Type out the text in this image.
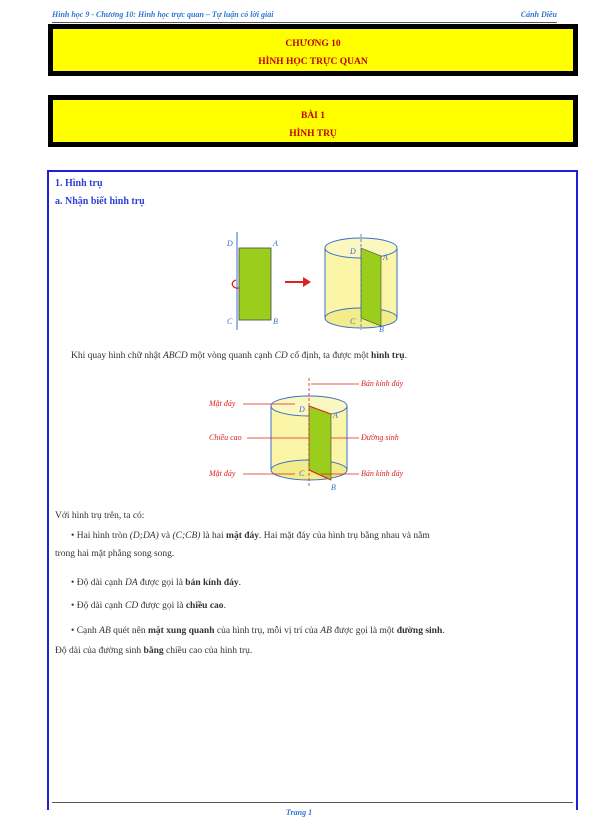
Hình học 9 - Chương 10: Hình học trực quan – Tự luận có lời giải	Cánh Diều
CHƯƠNG 10
HÌNH HỌC TRỰC QUAN
BÀI 1
HÌNH TRỤ
1. Hình trụ
a. Nhận biết hình trụ
D	A
C	B
D
A
C
B
Khi quay hình chữ nhật ABCD một vòng quanh cạnh CD cố định, ta được một hình trụ.
Mặt đáy
Chiều cao
Mặt đáy
Bán kính đáy
Đường sinh
Bán kính đáy
D
A
C
B
Với hình trụ trên, ta có:
• Hai hình tròn (D;DA) và (C;CB) là hai mặt đáy. Hai mặt đáy của hình trụ bằng nhau và nằm
trong hai mặt phẳng song song.
• Độ dài cạnh DA được gọi là bán kính đáy.
• Độ dài cạnh CD được gọi là chiều cao.
• Cạnh AB quét nên mặt xung quanh của hình trụ, mỗi vị trí của AB được gọi là một đường sinh.
Độ dài của đường sinh bằng chiều cao của hình trụ.
Trang 1
